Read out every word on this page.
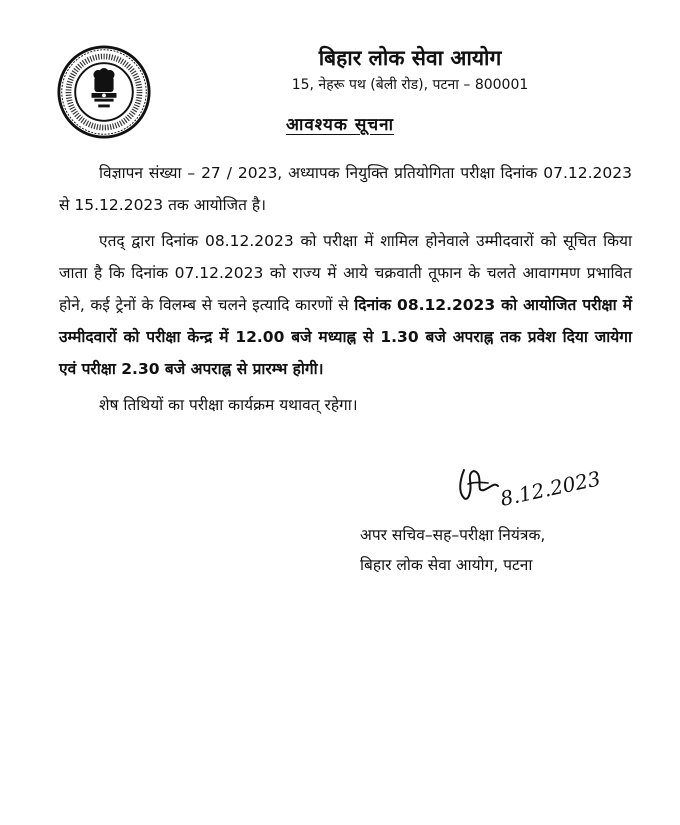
बिहार लोक सेवा आयोग
15, नेहरू पथ (बेली रोड), पटना – 800001
आवश्यक सूचना

विज्ञापन संख्या – 27 / 2023, अध्यापक नियुक्ति प्रतियोगिता परीक्षा दिनांक 07.12.2023 से 15.12.2023 तक आयोजित है।

एतद् द्वारा दिनांक 08.12.2023 को परीक्षा में शामिल होनेवाले उम्मीदवारों को सूचित किया जाता है कि दिनांक 07.12.2023 को राज्य में आये चक्रवाती तूफान के चलते आवागमण प्रभावित होने, कई ट्रेनों के विलम्ब से चलने इत्यादि कारणों से दिनांक 08.12.2023 को आयोजित परीक्षा में उम्मीदवारों को परीक्षा केन्द्र में 12.00 बजे मध्याह्न से 1.30 बजे अपराह्न तक प्रवेश दिया जायेगा एवं परीक्षा 2.30 बजे अपराह्न से प्रारम्भ होगी।

शेष तिथियों का परीक्षा कार्यक्रम यथावत् रहेगा।

8.12.2023
अपर सचिव–सह–परीक्षा नियंत्रक,
बिहार लोक सेवा आयोग, पटना
